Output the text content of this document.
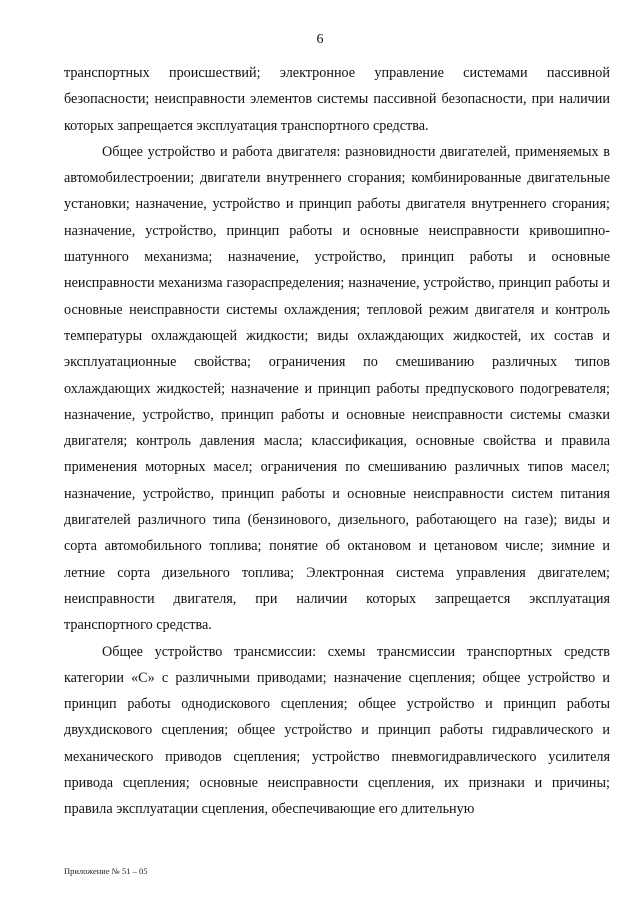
6

транспортных происшествий; электронное управление системами пассивной безопасности; неисправности элементов системы пассивной безопасности, при наличии которых запрещается эксплуатация транспортного средства.

Общее устройство и работа двигателя: разновидности двигателей, применяемых в автомобилестроении; двигатели внутреннего сгорания; комбинированные двигательные установки; назначение, устройство и принцип работы двигателя внутреннего сгорания; назначение, устройство, принцип работы и основные неисправности кривошипно-шатунного механизма; назначение, устройство, принцип работы и основные неисправности механизма газораспределения; назначение, устройство, принцип работы и основные неисправности системы охлаждения; тепловой режим двигателя и контроль температуры охлаждающей жидкости; виды охлаждающих жидкостей, их состав и эксплуатационные свойства; ограничения по смешиванию различных типов охлаждающих жидкостей; назначение и принцип работы предпускового подогревателя; назначение, устройство, принцип работы и основные неисправности системы смазки двигателя; контроль давления масла; классификация, основные свойства и правила применения моторных масел; ограничения по смешиванию различных типов масел; назначение, устройство, принцип работы и основные неисправности систем питания двигателей различного типа (бензинового, дизельного, работающего на газе); виды и сорта автомобильного топлива; понятие об октановом и цетановом числе; зимние и летние сорта дизельного топлива; Электронная система управления двигателем; неисправности двигателя, при наличии которых запрещается эксплуатация транспортного средства.

Общее устройство трансмиссии: схемы трансмиссии транспортных средств категории «С» с различными приводами; назначение сцепления; общее устройство и принцип работы однодискового сцепления; общее устройство и принцип работы двухдискового сцепления; общее устройство и принцип работы гидравлического и механического приводов сцепления; устройство пневмогидравлического усилителя привода сцепления; основные неисправности сцепления, их признаки и причины; правила эксплуатации сцепления, обеспечивающие его длительную

Приложение № 51 – 05
